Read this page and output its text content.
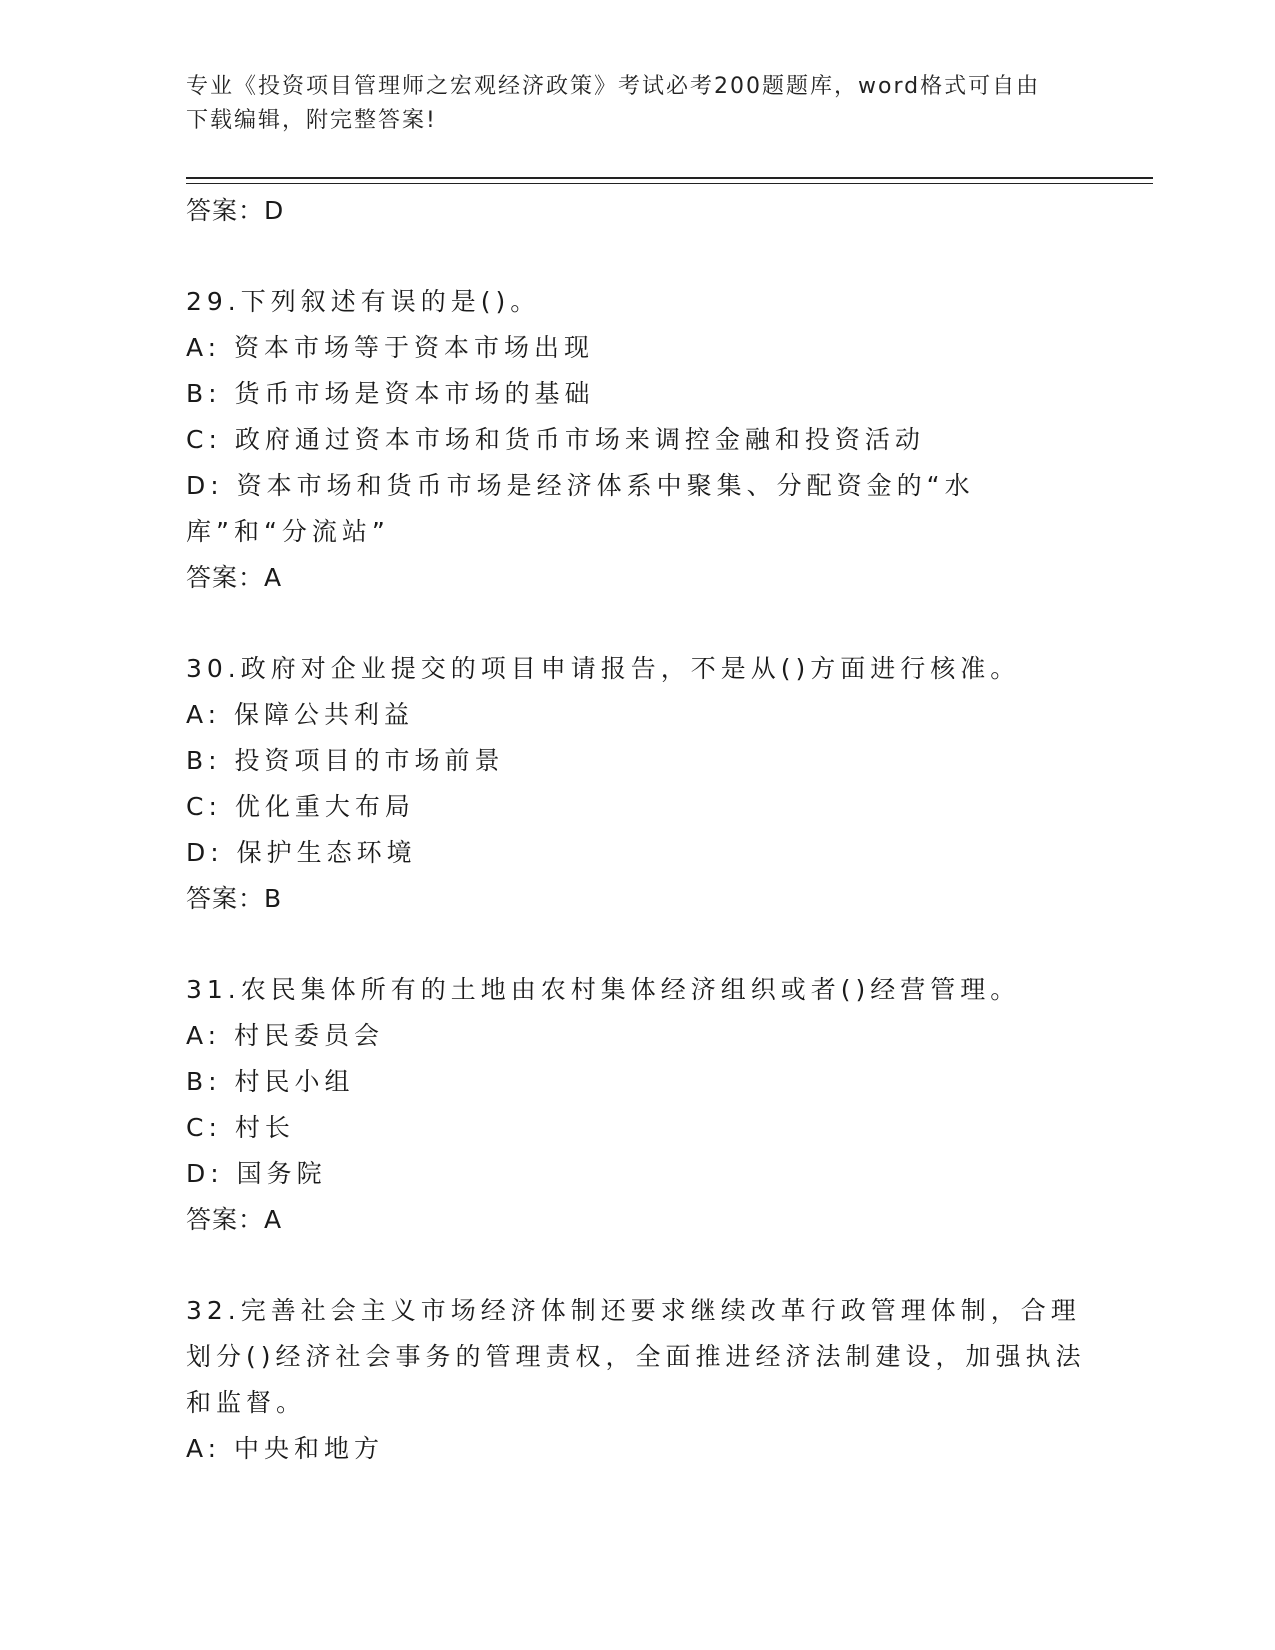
专业《投资项目管理师之宏观经济政策》考试必考200题题库，word格式可自由
下载编辑，附完整答案!

答案：D

29.下列叙述有误的是()。

A: 资本市场等于资本市场出现

B: 货币市场是资本市场的基础

C: 政府通过资本市场和货币市场来调控金融和投资活动

D: 资本市场和货币市场是经济体系中聚集、分配资金的“水库”和“分流站”

答案：A

30.政府对企业提交的项目申请报告，不是从()方面进行核准。

A: 保障公共利益

B: 投资项目的市场前景

C: 优化重大布局

D: 保护生态环境

答案：B

31.农民集体所有的土地由农村集体经济组织或者()经营管理。

A: 村民委员会

B: 村民小组

C: 村长

D: 国务院

答案：A

32.完善社会主义市场经济体制还要求继续改革行政管理体制，合理划分()经济社会事务的管理责权，全面推进经济法制建设，加强执法和监督。

A: 中央和地方
